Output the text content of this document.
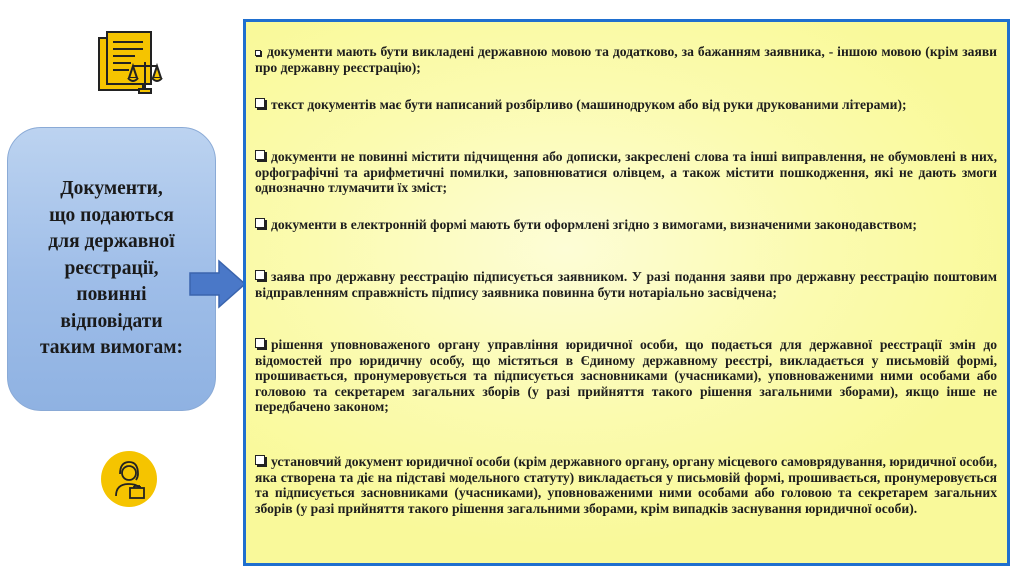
Документи,
що подаються
для державної
реєстрації,
повинні
відповідати
таким вимогам:
документи мають бути викладені державною мовою та додатково, за бажанням заявника, - іншою мовою (крім заяви про державну реєстрацію);
текст документів має бути написаний розбірливо (машинодруком або від руки друкованими літерами);
документи не повинні містити підчищення або дописки, закреслені слова та інші виправлення, не обумовлені в них, орфографічні та арифметичні помилки, заповнюватися олівцем, а також містити пошкодження, які не дають змоги однозначно тлумачити їх зміст;
документи в електронній формі мають бути оформлені згідно з вимогами, визначеними законодавством;
заява про державну реєстрацію підписується заявником. У разі подання заяви про державну реєстрацію поштовим відправленням справжність підпису заявника повинна бути нотаріально засвідчена;
рішення уповноваженого органу управління юридичної особи, що подається для державної реєстрації змін до відомостей про юридичну особу, що містяться в Єдиному державному реєстрі, викладається у письмовій формі, прошивається, пронумеровується та підписується засновниками (учасниками), уповноваженими ними особами або головою та секретарем загальних зборів (у разі прийняття такого рішення загальними зборами), якщо інше не передбачено законом;
установчий документ юридичної особи (крім державного органу, органу місцевого самоврядування, юридичної особи, яка створена та діє на підставі модельного статуту) викладається у письмовій формі, прошивається, пронумеровується та підписується засновниками (учасниками), уповноваженими ними особами або головою та секретарем загальних зборів (у разі прийняття такого рішення загальними зборами, крім випадків заснування юридичної особи).
